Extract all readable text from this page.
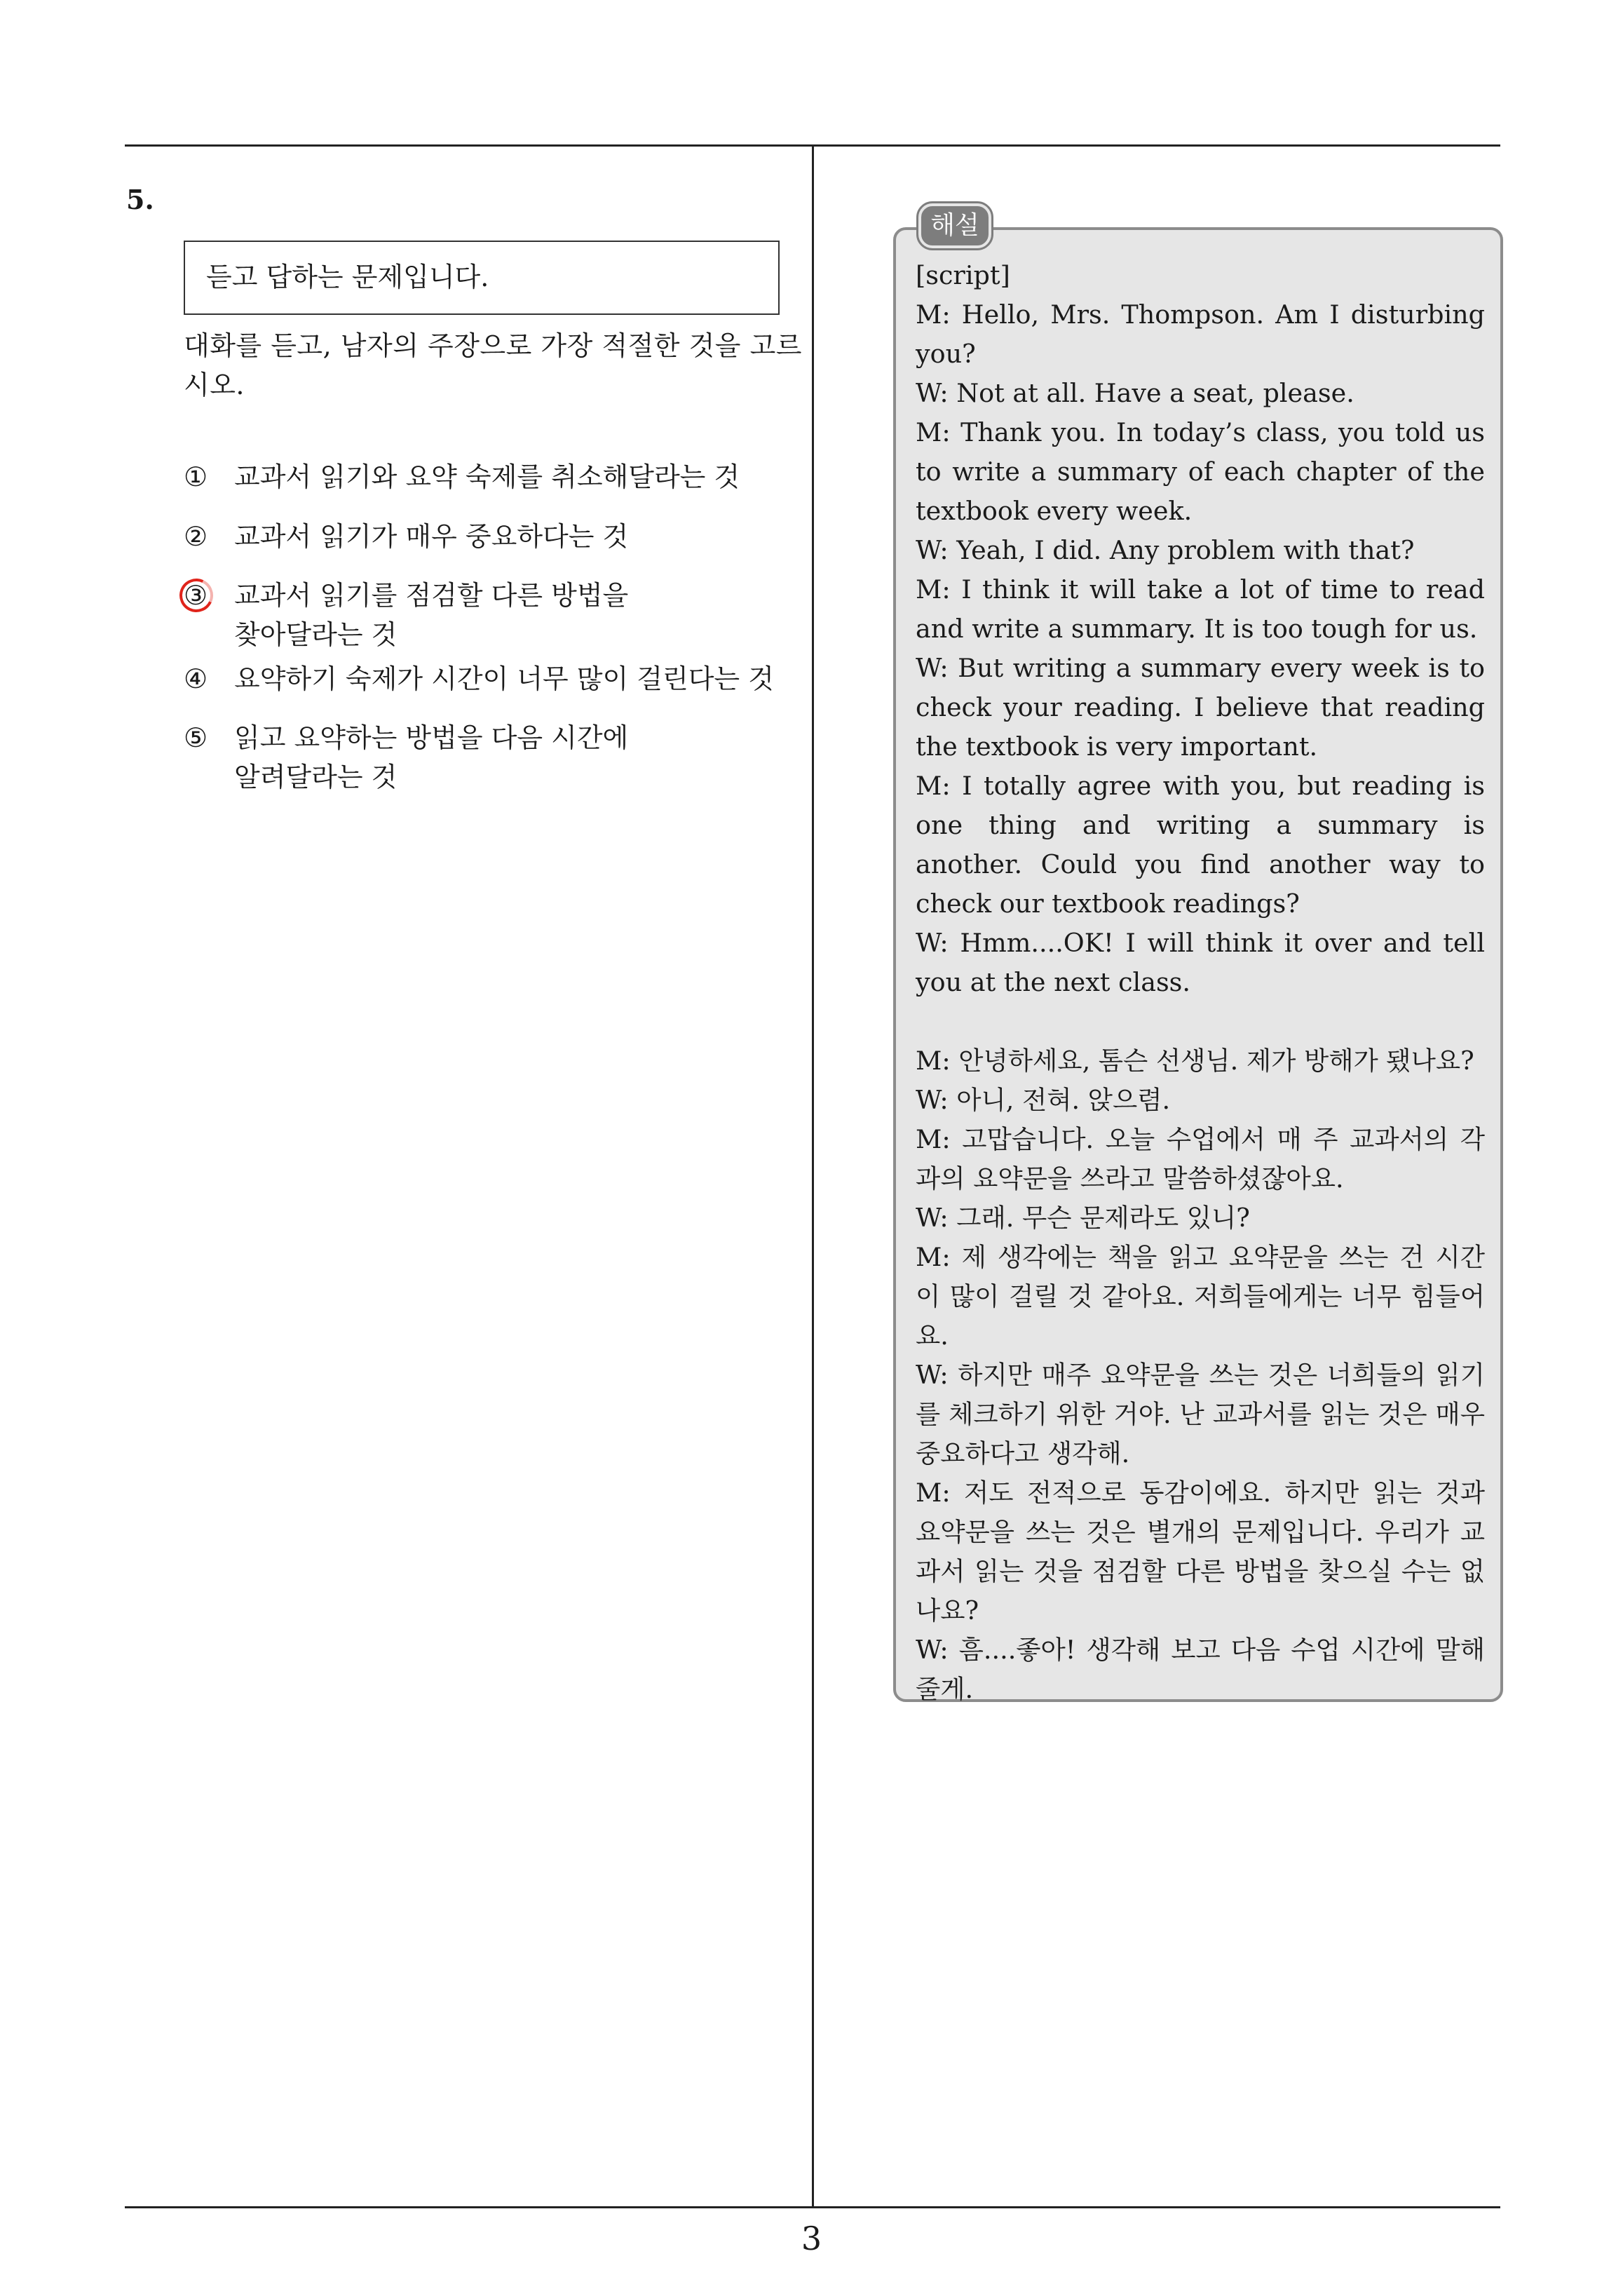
5.
듣고 답하는 문제입니다.
대화를 듣고, 남자의 주장으로 가장 적절한 것을 고르시오.
① 교과서 읽기와 요약 숙제를 취소해달라는 것
② 교과서 읽기가 매우 중요하다는 것
③ 교과서 읽기를 점검할 다른 방법을 찾아달라는 것
④ 요약하기 숙제가 시간이 너무 많이 걸린다는 것
⑤ 읽고 요약하는 방법을 다음 시간에 알려달라는 것
해설

[script]

M: Hello, Mrs. Thompson. Am I disturbing you?

W: Not at all. Have a seat, please.

M: Thank you. In today’s class, you told us to write a summary of each chapter of the textbook every week.

W: Yeah, I did. Any problem with that?

M: I think it will take a lot of time to read and write a summary. It is too tough for us.

W: But writing a summary every week is to check your reading. I believe that reading the textbook is very important.

M: I totally agree with you, but reading is one thing and writing a summary is another. Could you find another way to check our textbook readings?

W: Hmm....OK! I will think it over and tell you at the next class.

M: 안녕하세요, 톰슨 선생님. 제가 방해가 됐나요?

W: 아니, 전혀. 앉으렴.

M: 고맙습니다. 오늘 수업에서 매 주 교과서의 각 과의 요약문을 쓰라고 말씀하셨잖아요.

W: 그래. 무슨 문제라도 있니?

M: 제 생각에는 책을 읽고 요약문을 쓰는 건 시간이 많이 걸릴 것 같아요. 저희들에게는 너무 힘들어요.

W: 하지만 매주 요약문을 쓰는 것은 너희들의 읽기를 체크하기 위한 거야. 난 교과서를 읽는 것은 매우 중요하다고 생각해.

M: 저도 전적으로 동감이에요. 하지만 읽는 것과 요약문을 쓰는 것은 별개의 문제입니다. 우리가 교과서 읽는 것을 점검할 다른 방법을 찾으실 수는 없나요?

W: 흠....좋아! 생각해 보고 다음 수업 시간에 말해줄게.

3
